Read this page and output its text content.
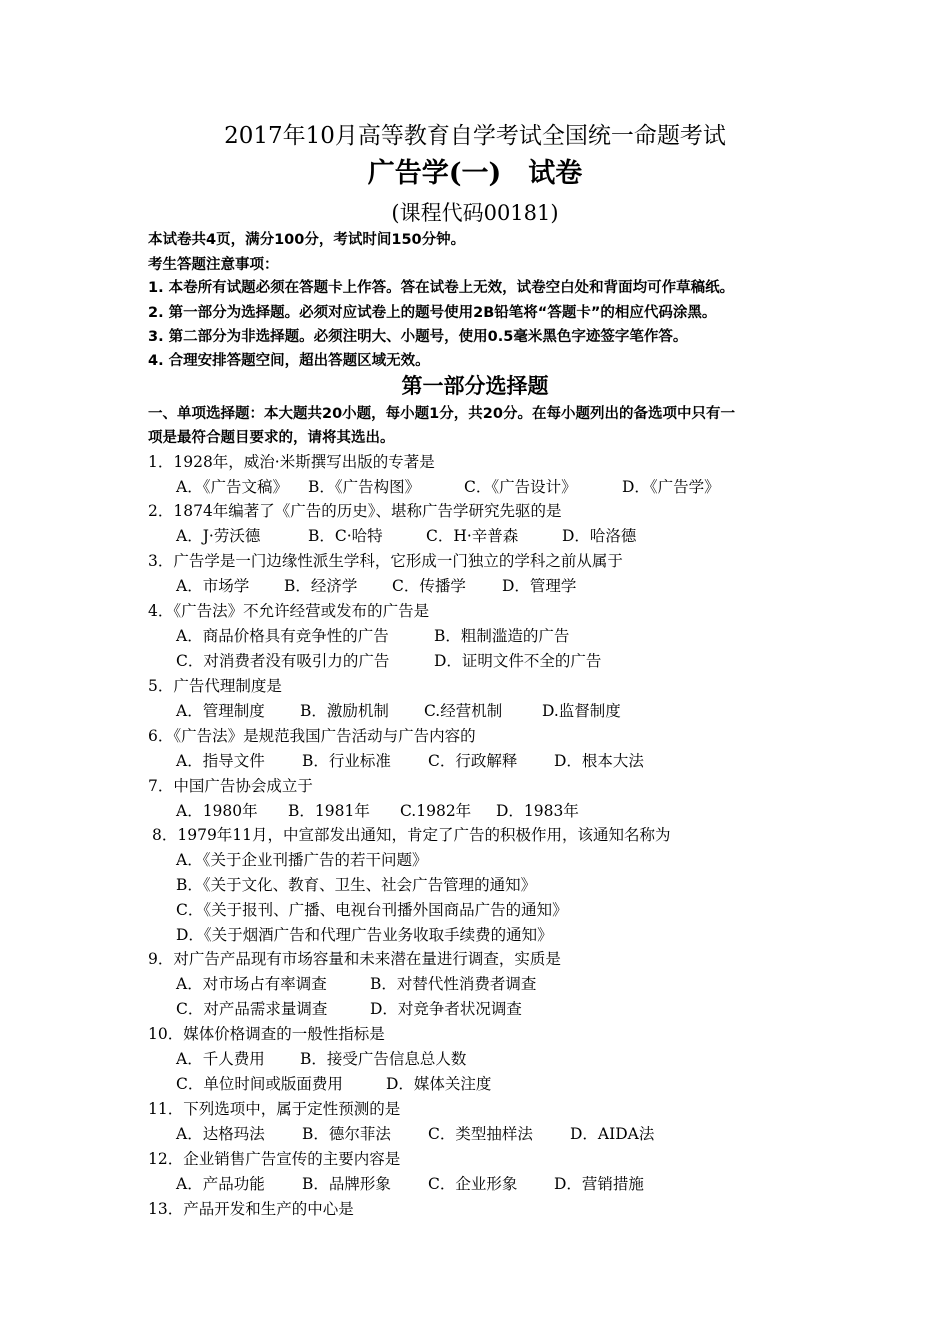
2017年10月高等教育自学考试全国统一命题考试
广告学(一)　试卷
(课程代码00181)
本试卷共4页，满分100分，考试时间150分钟。
考生答题注意事项：
1. 本卷所有试题必须在答题卡上作答。答在试卷上无效，试卷空白处和背面均可作草稿纸。
2. 第一部分为选择题。必须对应试卷上的题号使用2B铅笔将“答题卡”的相应代码涂黑。
3. 第二部分为非选择题。必须注明大、小题号，使用0.5毫米黑色字迹签字笔作答。
4. 合理安排答题空间，超出答题区域无效。
第一部分选择题
一、单项选择题：本大题共20小题，每小题1分，共20分。在每小题列出的备选项中只有一
项是最符合题目要求的，请将其选出。
1．1928年，威治·米斯撰写出版的专著是
A．《广告文稿》 B．《广告构图》	C．《广告设计》	D．《广告学》
2．1874年编著了《广告的历史》、堪称广告学研究先驱的是
A．J·劳沃德	B．C·哈特	C．H·辛普森	D．哈洛德
3．广告学是一门边缘性派生学科，它形成一门独立的学科之前从属于
A．市场学 B．经济学 C．传播学 D．管理学
4．《广告法》不允许经营或发布的广告是
A．商品价格具有竞争性的广告	B．粗制滥造的广告
C．对消费者没有吸引力的广告	D．证明文件不全的广告
5．广告代理制度是
A．管理制度 B．激励机制 C.经营机制	D.监督制度
6．《广告法》是规范我国广告活动与广告内容的
A．指导文件 B．行业标准 C．行政解释 D．根本大法
7．中国广告协会成立于
A．1980年 B．1981年 C.1982年 D．1983年
8．1979年11月，中宣部发出通知，肯定了广告的积极作用，该通知名称为
A．《关于企业刊播广告的若干问题》
B．《关于文化、教育、卫生、社会广告管理的通知》
C．《关于报刊、广播、电视台刊播外国商品广告的通知》
D．《关于烟酒广告和代理广告业务收取手续费的通知》
9．对广告产品现有市场容量和未来潜在量进行调查，实质是
A．对市场占有率调查	B．对替代性消费者调查
C．对产品需求量调查	D．对竞争者状况调查
10．媒体价格调查的一般性指标是
A．千人费用 B．接受广告信息总人数
C．单位时间或版面费用	D．媒体关注度
11．下列选项中，属于定性预测的是
A．达格玛法 B．德尔菲法 C．类型抽样法 D．AIDA法
12．企业销售广告宣传的主要内容是
A．产品功能 B．品牌形象 C．企业形象 D．营销措施
13．产品开发和生产的中心是
